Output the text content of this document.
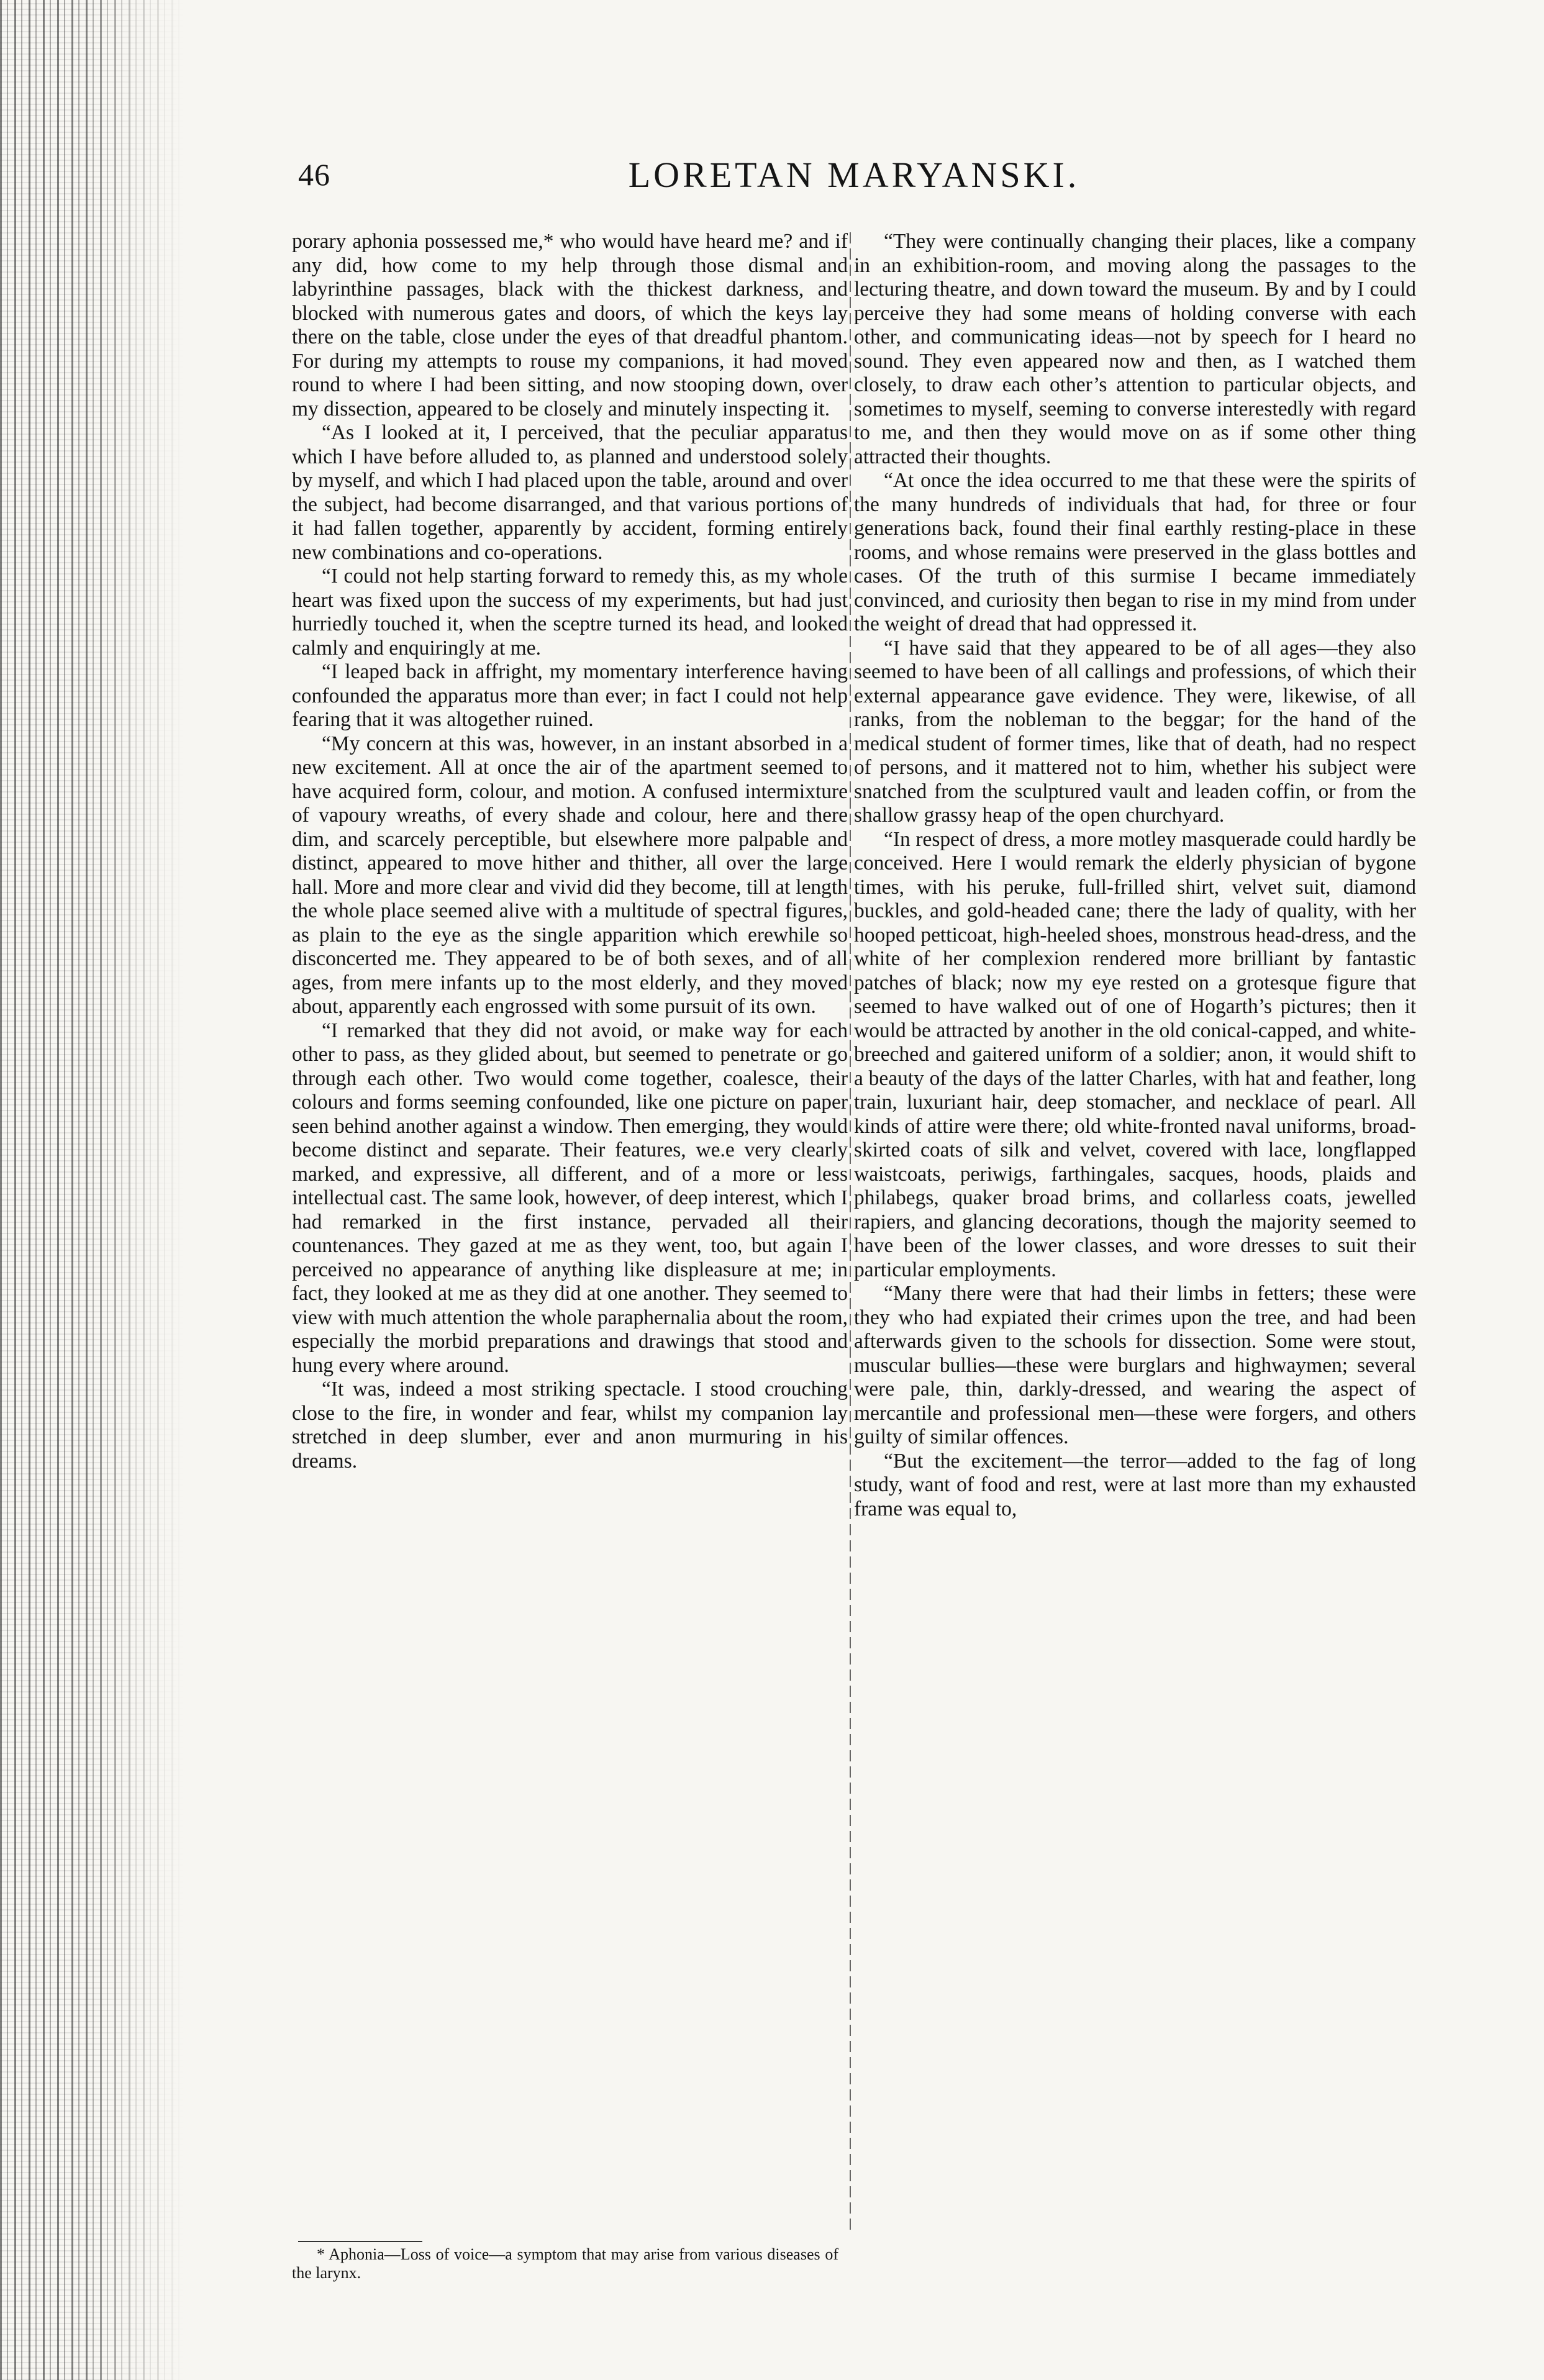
46	LORETAN MARYANSKI.

porary aphonia possessed me,* who would have heard me? and if any did, how come to my help through those dismal and labyrinthine passages, black with the thickest darkness, and blocked with numerous gates and doors, of which the keys lay there on the table, close under the eyes of that dreadful phantom. For during my attempts to rouse my companions, it had moved round to where I had been sitting, and now stooping down, over my dissection, appeared to be closely and minutely inspecting it.

“As I looked at it, I perceived, that the peculiar apparatus which I have before alluded to, as planned and understood solely by myself, and which I had placed upon the table, around and over the subject, had become disarranged, and that various portions of it had fallen together, apparently by accident, forming entirely new combinations and co-operations.

“I could not help starting forward to remedy this, as my whole heart was fixed upon the success of my experiments, but had just hurriedly touched it, when the sceptre turned its head, and looked calmly and enquiringly at me.

“I leaped back in affright, my momentary interference having confounded the apparatus more than ever; in fact I could not help fearing that it was altogether ruined.

“My concern at this was, however, in an instant absorbed in a new excitement. All at once the air of the apartment seemed to have acquired form, colour, and motion. A confused intermixture of vapoury wreaths, of every shade and colour, here and there dim, and scarcely perceptible, but elsewhere more palpable and distinct, appeared to move hither and thither, all over the large hall. More and more clear and vivid did they become, till at length the whole place seemed alive with a multitude of spectral figures, as plain to the eye as the single apparition which erewhile so disconcerted me. They appeared to be of both sexes, and of all ages, from mere infants up to the most elderly, and they moved about, apparently each engrossed with some pursuit of its own.

“I remarked that they did not avoid, or make way for each other to pass, as they glided about, but seemed to penetrate or go through each other. Two would come together, coalesce, their colours and forms seeming confounded, like one picture on paper seen behind another against a window. Then emerging, they would become distinct and separate. Their features, we.e very clearly marked, and expressive, all different, and of a more or less intellectual cast. The same look, however, of deep interest, which I had remarked in the first instance, pervaded all their countenances. They gazed at me as they went, too, but again I perceived no appearance of anything like displeasure at me; in fact, they looked at me as they did at one another. They seemed to view with much attention the whole paraphernalia about the room, especially the morbid preparations and drawings that stood and hung every where around.

“It was, indeed a most striking spectacle. I stood crouching close to the fire, in wonder and fear, whilst my companion lay stretched in deep slumber, ever and anon murmuring in his dreams.

“They were continually changing their places, like a company in an exhibition-room, and moving along the passages to the lecturing theatre, and down toward the museum. By and by I could perceive they had some means of holding converse with each other, and communicating ideas—not by speech for I heard no sound. They even appeared now and then, as I watched them closely, to draw each other’s attention to particular objects, and sometimes to myself, seeming to converse interestedly with regard to me, and then they would move on as if some other thing attracted their thoughts.

“At once the idea occurred to me that these were the spirits of the many hundreds of individuals that had, for three or four generations back, found their final earthly resting-place in these rooms, and whose remains were preserved in the glass bottles and cases. Of the truth of this surmise I became immediately convinced, and curiosity then began to rise in my mind from under the weight of dread that had oppressed it.

“I have said that they appeared to be of all ages—they also seemed to have been of all callings and professions, of which their external appearance gave evidence. They were, likewise, of all ranks, from the nobleman to the beggar; for the hand of the medical student of former times, like that of death, had no respect of persons, and it mattered not to him, whether his subject were snatched from the sculptured vault and leaden coffin, or from the shallow grassy heap of the open churchyard.

“In respect of dress, a more motley masquerade could hardly be conceived. Here I would remark the elderly physician of bygone times, with his peruke, full-frilled shirt, velvet suit, diamond buckles, and gold-headed cane; there the lady of quality, with her hooped petticoat, high-heeled shoes, monstrous head-dress, and the white of her complexion rendered more brilliant by fantastic patches of black; now my eye rested on a grotesque figure that seemed to have walked out of one of Hogarth’s pictures; then it would be attracted by another in the old conical-capped, and white-breeched and gaitered uniform of a soldier; anon, it would shift to a beauty of the days of the latter Charles, with hat and feather, long train, luxuriant hair, deep stomacher, and necklace of pearl. All kinds of attire were there; old white-fronted naval uniforms, broad-skirted coats of silk and velvet, covered with lace, longflapped waistcoats, periwigs, farthingales, sacques, hoods, plaids and philabegs, quaker broad brims, and collarless coats, jewelled rapiers, and glancing decorations, though the majority seemed to have been of the lower classes, and wore dresses to suit their particular employments.

“Many there were that had their limbs in fetters; these were they who had expiated their crimes upon the tree, and had been afterwards given to the schools for dissection. Some were stout, muscular bullies—these were burglars and highwaymen; several were pale, thin, darkly-dressed, and wearing the aspect of mercantile and professional men—these were forgers, and others guilty of similar offences.

“But the excitement—the terror—added to the fag of long study, want of food and rest, were at last more than my exhausted frame was equal to,

* Aphonia—Loss of voice—a symptom that may arise from various diseases of the larynx.
